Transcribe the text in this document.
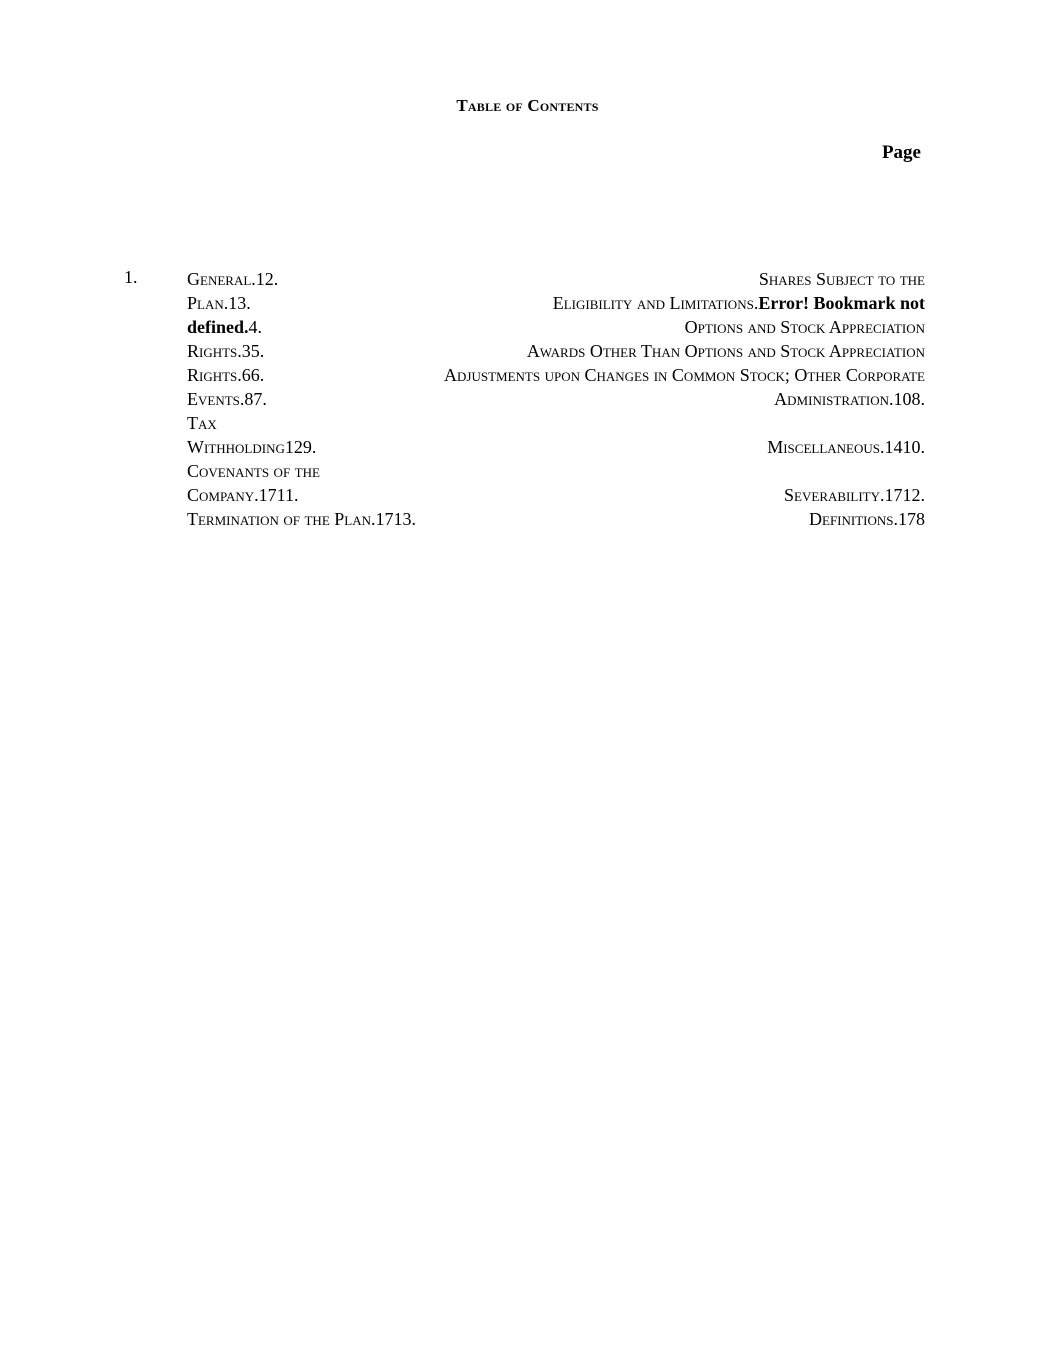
Table of Contents
Page
1.	General.12.	Shares Subject to the
Plan.13.	Eligibility and Limitations.Error! Bookmark not
defined.4.	Options and Stock Appreciation
Rights.35.	Awards Other Than Options and Stock Appreciation
Rights.66.	Adjustments upon Changes in Common Stock; Other Corporate
Events.87.	Administration.108.
Tax
Withholding129.	Miscellaneous.1410.
Covenants of the
Company.1711.	Severability.1712.
Termination of the Plan.1713.	Definitions.178
